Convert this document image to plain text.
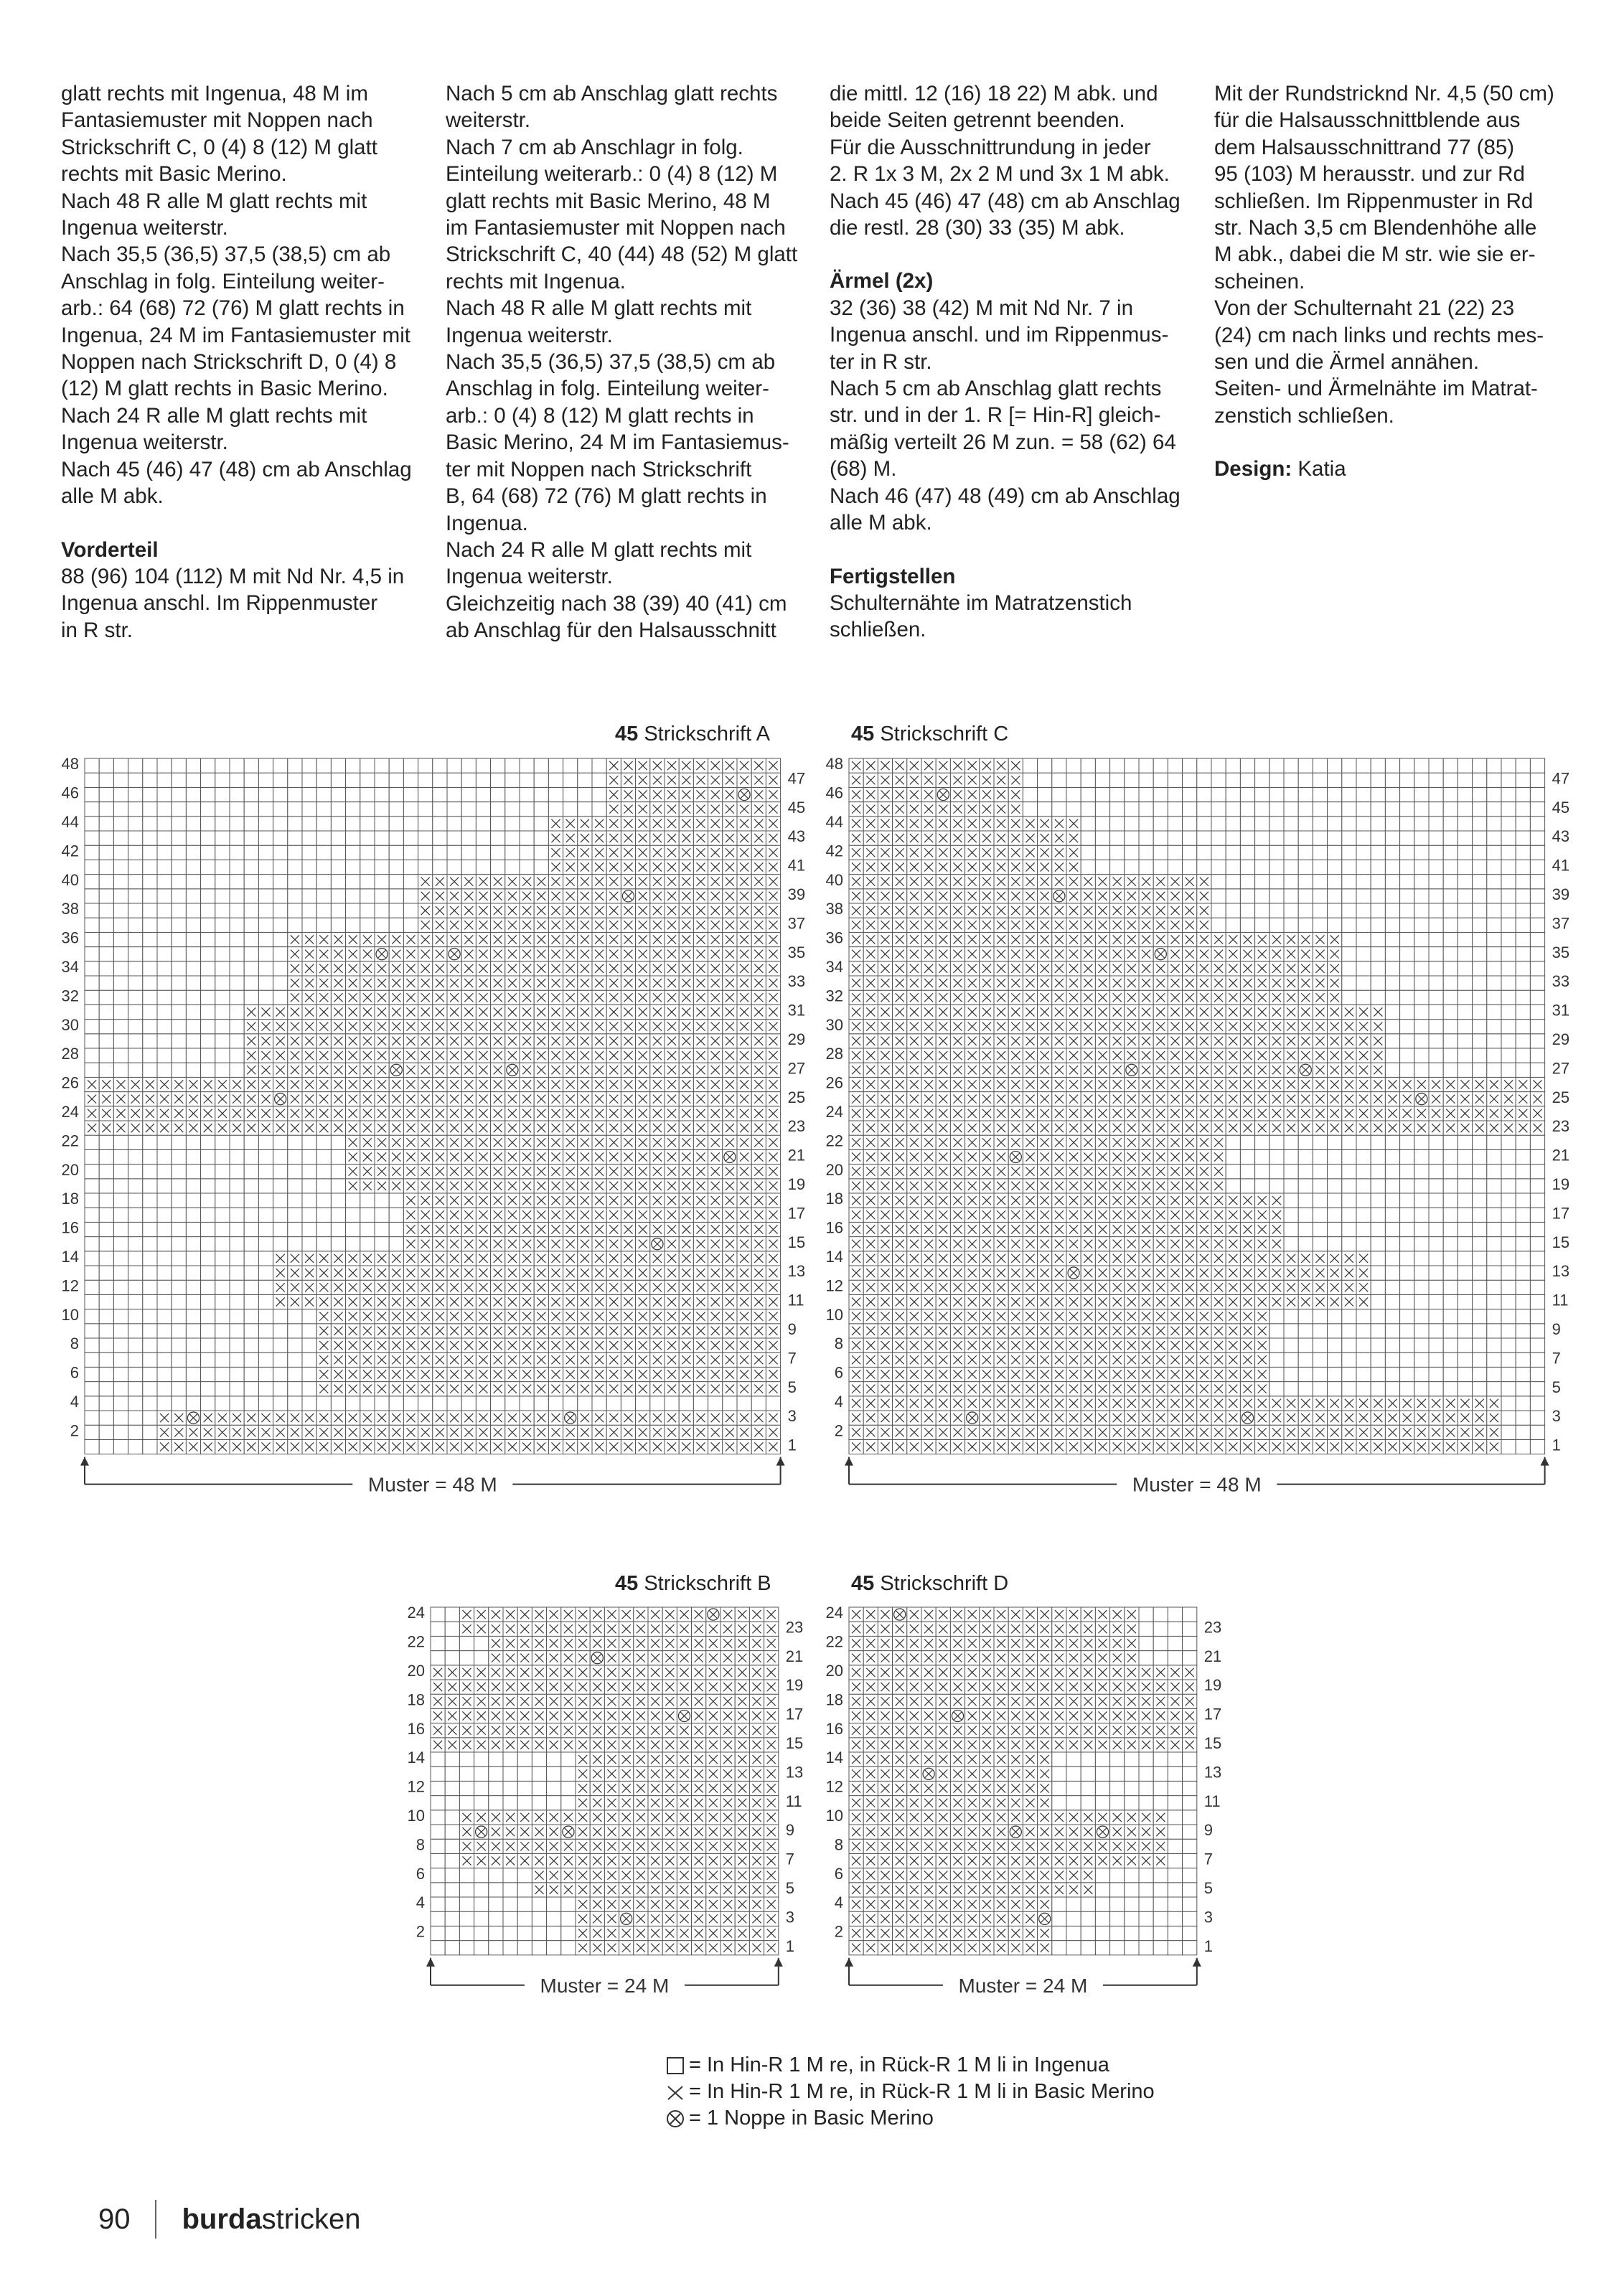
glatt rechts mit Ingenua, 48 M im

Fantasiemuster mit Noppen nach

Strickschrift C, 0 (4) 8 (12) M glatt

rechts mit Basic Merino.

Nach 48 R alle M glatt rechts mit

Ingenua weiterstr.

Nach 35,5 (36,5) 37,5 (38,5) cm ab

Anschlag in folg. Einteilung weiter-

arb.: 64 (68) 72 (76) M glatt rechts in

Ingenua, 24 M im Fantasiemuster mit

Noppen nach Strickschrift D, 0 (4) 8

(12) M glatt rechts in Basic Merino.

Nach 24 R alle M glatt rechts mit

Ingenua weiterstr.

Nach 45 (46) 47 (48) cm ab Anschlag

alle M abk.

Vorderteil

88 (96) 104 (112) M mit Nd Nr. 4,5 in

Ingenua anschl. Im Rippenmuster

in R str.

Nach 5 cm ab Anschlag glatt rechts

weiterstr.

Nach 7 cm ab Anschlagr in folg.

Einteilung weiterarb.: 0 (4) 8 (12) M

glatt rechts mit Basic Merino, 48 M

im Fantasiemuster mit Noppen nach

Strickschrift C, 40 (44) 48 (52) M glatt

rechts mit Ingenua.

Nach 48 R alle M glatt rechts mit

Ingenua weiterstr.

Nach 35,5 (36,5) 37,5 (38,5) cm ab

Anschlag in folg. Einteilung weiter-

arb.: 0 (4) 8 (12) M glatt rechts in

Basic Merino, 24 M im Fantasiemus-

ter mit Noppen nach Strickschrift

B, 64 (68) 72 (76) M glatt rechts in

Ingenua.

Nach 24 R alle M glatt rechts mit

Ingenua weiterstr.

Gleichzeitig nach 38 (39) 40 (41) cm

ab Anschlag für den Halsausschnitt

die mittl. 12 (16) 18 22) M abk. und

beide Seiten getrennt beenden.

Für die Ausschnittrundung in jeder

2. R 1x 3 M, 2x 2 M und 3x 1 M abk.

Nach 45 (46) 47 (48) cm ab Anschlag

die restl. 28 (30) 33 (35) M abk.

Ärmel (2x)

32 (36) 38 (42) M mit Nd Nr. 7 in

Ingenua anschl. und im Rippenmus-

ter in R str.

Nach 5 cm ab Anschlag glatt rechts

str. und in der 1. R [= Hin-R] gleich-

mäßig verteilt 26 M zun. = 58 (62) 64

(68) M.

Nach 46 (47) 48 (49) cm ab Anschlag

alle M abk.

Fertigstellen

Schulternähte im Matratzenstich

schließen.

Mit der Rundstricknd Nr. 4,5 (50 cm)

für die Halsausschnittblende aus

dem Halsausschnittrand 77 (85)

95 (103) M herausstr. und zur Rd

schließen. Im Rippenmuster in Rd

str. Nach 3,5 cm Blendenhöhe alle

M abk., dabei die M str. wie sie er-

scheinen.

Von der Schulternaht 21 (22) 23

(24) cm nach links und rechts mes-

sen und die Ärmel annähen.

Seiten- und Ärmelnähte im Matrat-

zenstich schließen.

Design: Katia

45 Strickschrift A	45 Strickschrift C
45 Strickschrift B	45 Strickschrift D
1
2
3
4
5
6
7
8
9
10
11
12
13
14
15
16
17
18
19
20
21
22
23
24
25
26
27
28
29
30
31
32
33
34
35
36
37
38
39
40
41
42
43
44
45
46
47
48
Muster = 48 M
1
2
3
4
5
6
7
8
9
10
11
12
13
14
15
16
17
18
19
20
21
22
23
24
25
26
27
28
29
30
31
32
33
34
35
36
37
38
39
40
41
42
43
44
45
46
47
48
Muster = 48 M
1
2
3
4
5
6
7
8
9
10
11
12
13
14
15
16
17
18
19
20
21
22
23
24
Muster = 24 M
1
2
3
4
5
6
7
8
9
10
11
12
13
14
15
16
17
18
19
20
21
22
23
24
Muster = 24 M
= In Hin-R 1 M re, in Rück-R 1 M li in Ingenua
= In Hin-R 1 M re, in Rück-R 1 M li in Basic Merino
= 1 Noppe in Basic Merino
90 burdastricken
